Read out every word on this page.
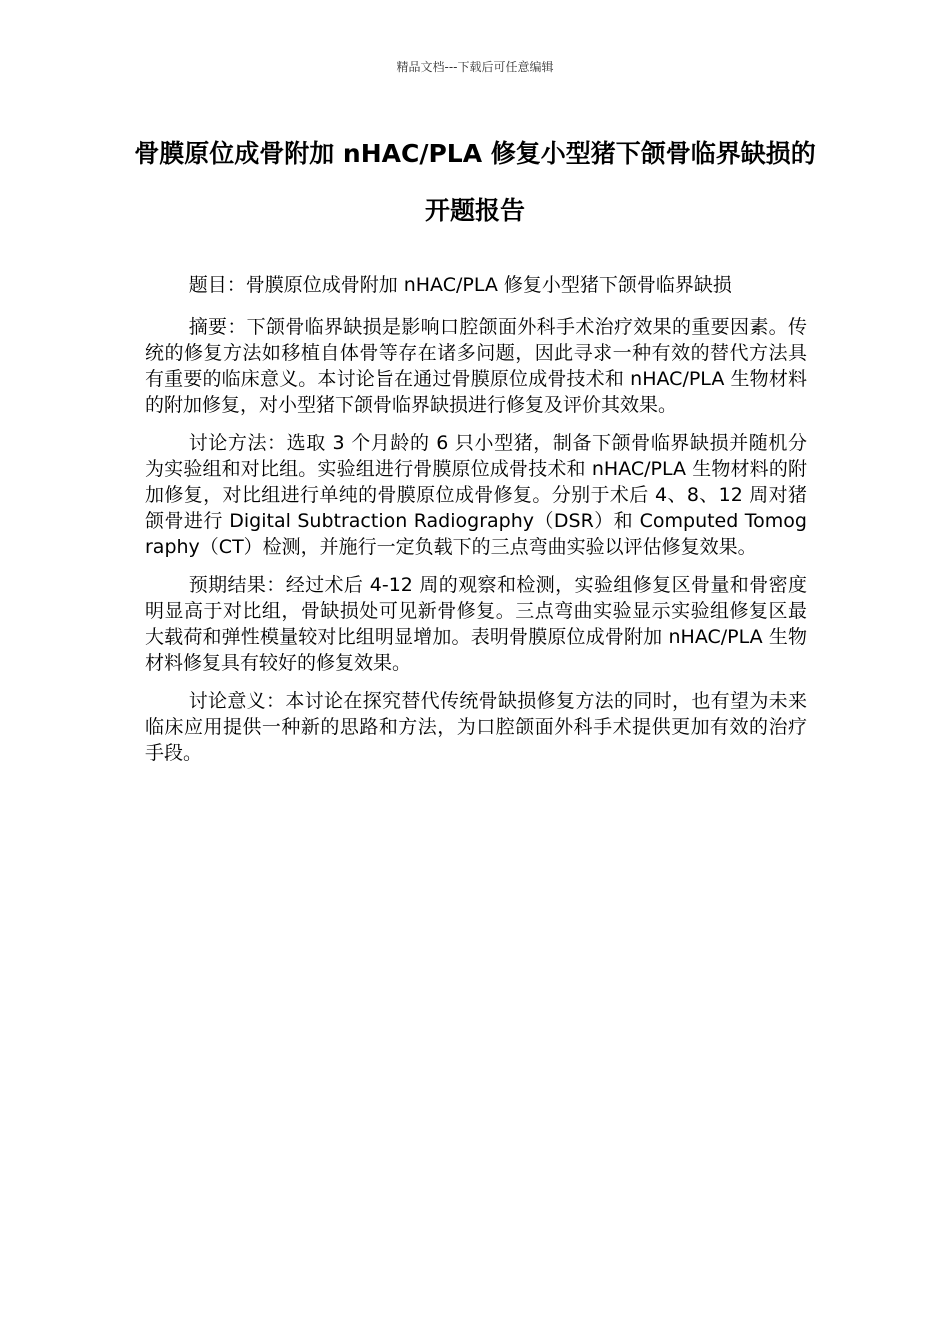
精品文档---下载后可任意编辑
骨膜原位成骨附加 nHAC/PLA 修复小型猪下颌骨临界缺损的开题报告

题目：骨膜原位成骨附加 nHAC/PLA 修复小型猪下颌骨临界缺损

摘要：下颌骨临界缺损是影响口腔颌面外科手术治疗效果的重要因素。传统的修复方法如移植自体骨等存在诸多问题，因此寻求一种有效的替代方法具有重要的临床意义。本讨论旨在通过骨膜原位成骨技术和 nHAC/PLA 生物材料的附加修复，对小型猪下颌骨临界缺损进行修复及评价其效果。

讨论方法：选取 3 个月龄的 6 只小型猪，制备下颌骨临界缺损并随机分为实验组和对比组。实验组进行骨膜原位成骨技术和 nHAC/PLA 生物材料的附加修复，对比组进行单纯的骨膜原位成骨修复。分别于术后 4、8、12 周对猪颌骨进行 Digital Subtraction Radiography（DSR）和 Computed Tomography（CT）检测，并施行一定负载下的三点弯曲实验以评估修复效果。

预期结果：经过术后 4-12 周的观察和检测，实验组修复区骨量和骨密度明显高于对比组，骨缺损处可见新骨修复。三点弯曲实验显示实验组修复区最大载荷和弹性模量较对比组明显增加。表明骨膜原位成骨附加 nHAC/PLA 生物材料修复具有较好的修复效果。

讨论意义：本讨论在探究替代传统骨缺损修复方法的同时，也有望为未来临床应用提供一种新的思路和方法，为口腔颌面外科手术提供更加有效的治疗手段。
